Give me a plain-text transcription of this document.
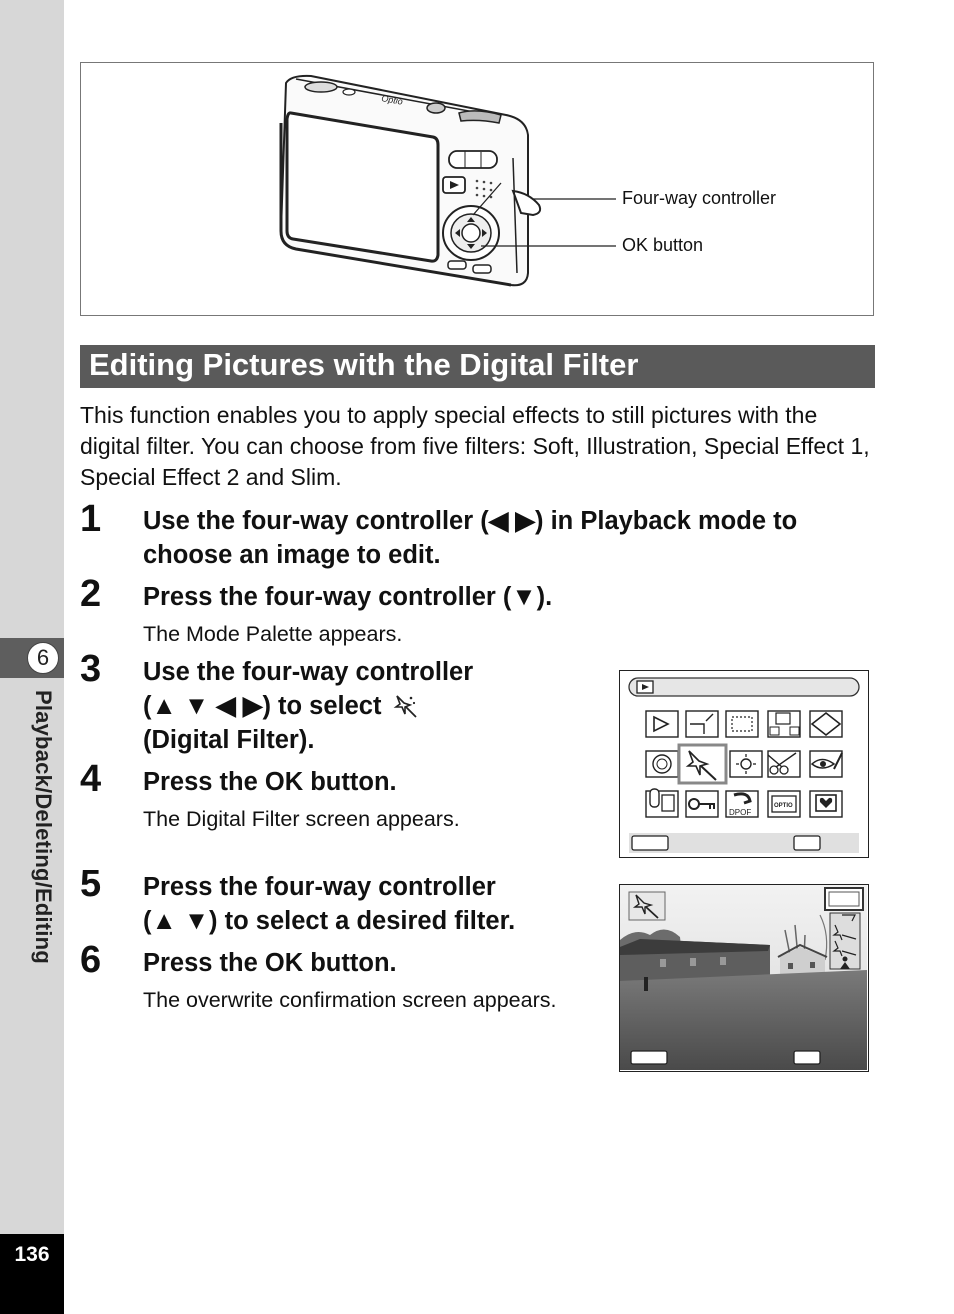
6
Playback/Deleting/Editing
136
Optio
Four-way controller
OK button
Editing Pictures with the Digital Filter
This function enables you to apply special effects to still pictures with the digital filter. You can choose from five filters: Soft, Illustration, Special Effect 1, Special Effect 2 and Slim.
1 Use the four-way controller (◀ ▶) in Playback mode to
choose an image to edit.
2 Press the four-way controller (▼).
The Mode Palette appears.
3 Use the four-way controller
(▲ ▼ ◀ ▶) to select
(Digital Filter).
4 Press the OK button.
The Digital Filter screen appears.
5 Press the four-way controller
(▲ ▼) to select a desired filter.
6 Press the OK button.
The overwrite confirmation screen appears.
DPOF
OPTIO
